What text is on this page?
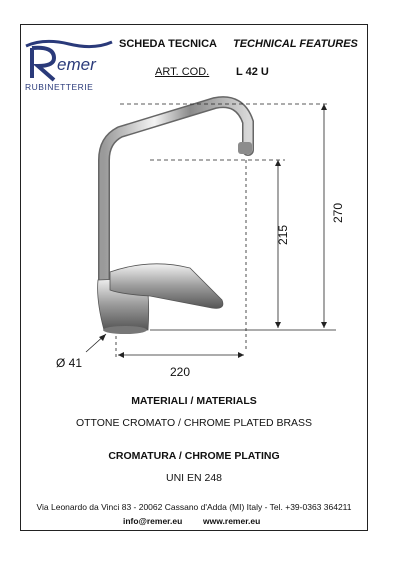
emer
RUBINETTERIE
SCHEDA TECNICA TECHNICAL FEATURES
ART. COD. L 42 U
Ø 41
220
215
270
MATERIALI / MATERIALS
OTTONE CROMATO / CHROME PLATED BRASS
CROMATURA / CHROME PLATING
UNI EN 248
Via Leonardo da Vinci 83 - 20062 Cassano d'Adda (MI) Italy - Tel. +39-0363 364211
info@remer.eu www.remer.eu
